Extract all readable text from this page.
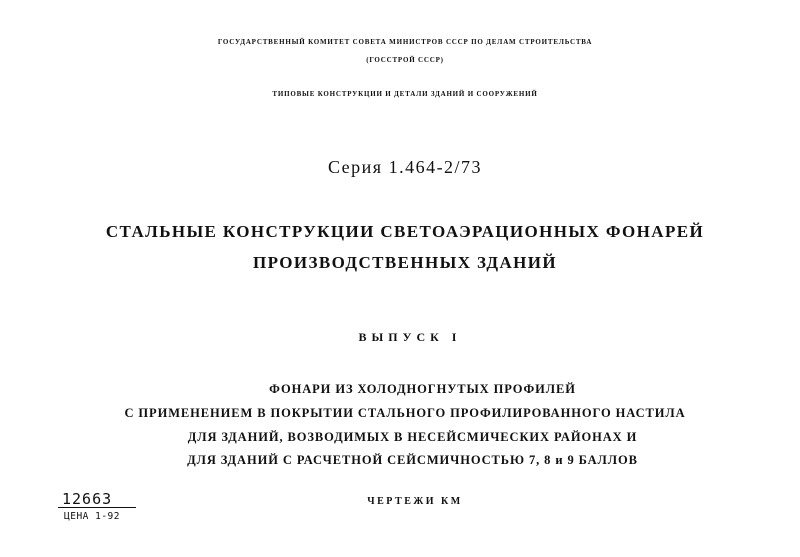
ГОСУДАРСТВЕННЫЙ КОМИТЕТ СОВЕТА МИНИСТРОВ СССР ПО ДЕЛАМ СТРОИТЕЛЬСТВА
(ГОССТРОЙ СССР)
ТИПОВЫЕ КОНСТРУКЦИИ И ДЕТАЛИ ЗДАНИЙ И СООРУЖЕНИЙ
Серия 1.464-2/73
СТАЛЬНЫЕ КОНСТРУКЦИИ СВЕТОАЭРАЦИОННЫХ ФОНАРЕЙ
ПРОИЗВОДСТВЕННЫХ ЗДАНИЙ
ВЫПУСК I
ФОНАРИ ИЗ ХОЛОДНОГНУТЫХ ПРОФИЛЕЙ
С ПРИМЕНЕНИЕМ В ПОКРЫТИИ СТАЛЬНОГО ПРОФИЛИРОВАННОГО НАСТИЛА
ДЛЯ ЗДАНИЙ, ВОЗВОДИМЫХ В НЕСЕЙСМИЧЕСКИХ РАЙОНАХ И
ДЛЯ ЗДАНИЙ С РАСЧЕТНОЙ СЕЙСМИЧНОСТЬЮ 7, 8 и 9 БАЛЛОВ
ЧЕРТЕЖИ КМ
12663
ЦЕНА 1-92
